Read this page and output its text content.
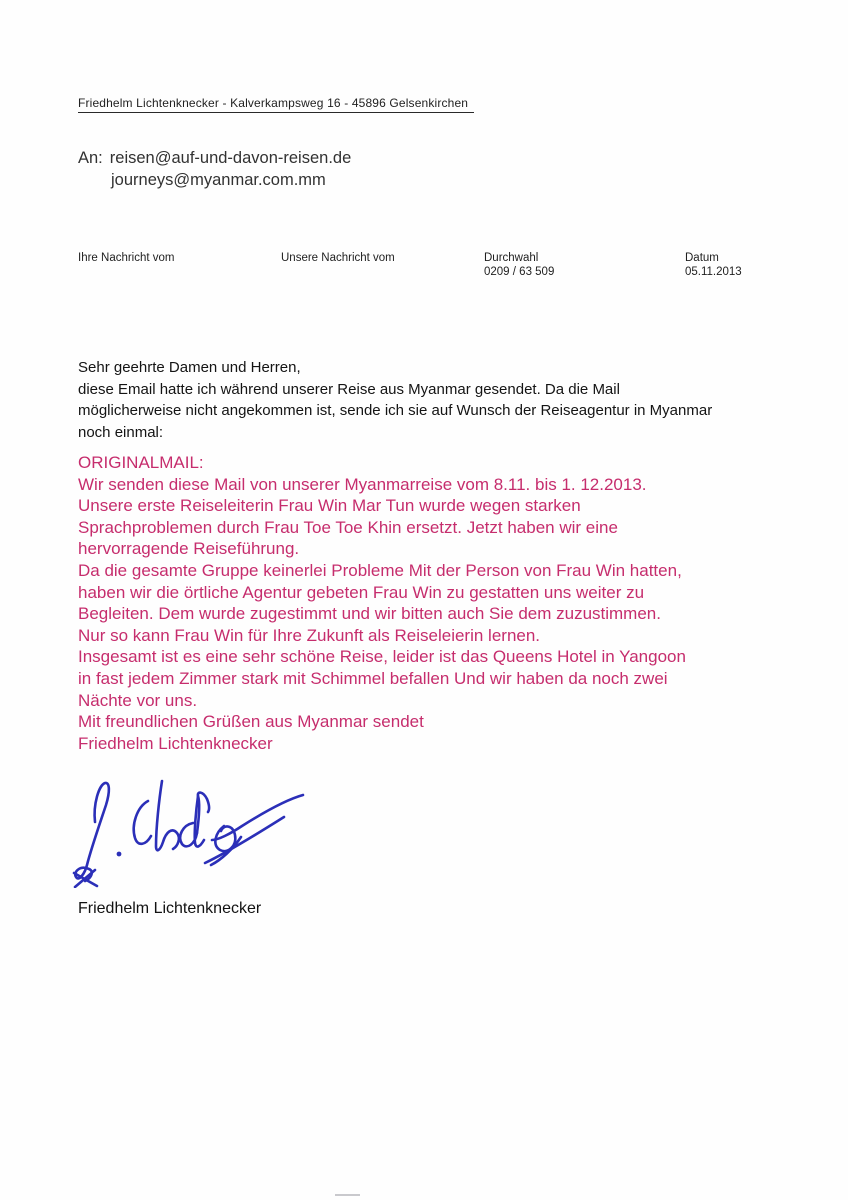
Friedhelm Lichtenknecker - Kalverkampsweg 16 - 45896 Gelsenkirchen
An: reisen@auf-und-davon-reisen.de
journeys@myanmar.com.mm
Ihre Nachricht vom	Unsere Nachricht vom	Durchwahl
0209 / 63 509
Datum
05.11.2013
Sehr geehrte Damen und Herren,
diese Email hatte ich während unserer Reise aus Myanmar gesendet. Da die Mail
möglicherweise nicht angekommen ist, sende ich sie auf Wunsch der Reiseagentur in Myanmar
noch einmal:
ORIGINALMAIL:
Wir senden diese Mail von unserer Myanmarreise vom 8.11. bis 1. 12.2013.
Unsere erste Reiseleiterin Frau Win Mar Tun wurde wegen starken
Sprachproblemen durch Frau Toe Toe Khin ersetzt. Jetzt haben wir eine
hervorragende Reiseführung.
Da die gesamte Gruppe keinerlei Probleme Mit der Person von Frau Win hatten,
haben wir die örtliche Agentur gebeten Frau Win zu gestatten uns weiter zu
Begleiten. Dem wurde zugestimmt und wir bitten auch Sie dem zuzustimmen.
Nur so kann Frau Win für Ihre Zukunft als Reiseleierin lernen.
Insgesamt ist es eine sehr schöne Reise, leider ist das Queens Hotel in Yangoon
in fast jedem Zimmer stark mit Schimmel befallen Und wir haben da noch zwei
Nächte vor uns.
Mit freundlichen Grüßen aus Myanmar sendet
Friedhelm Lichtenknecker
Friedhelm Lichtenknecker
